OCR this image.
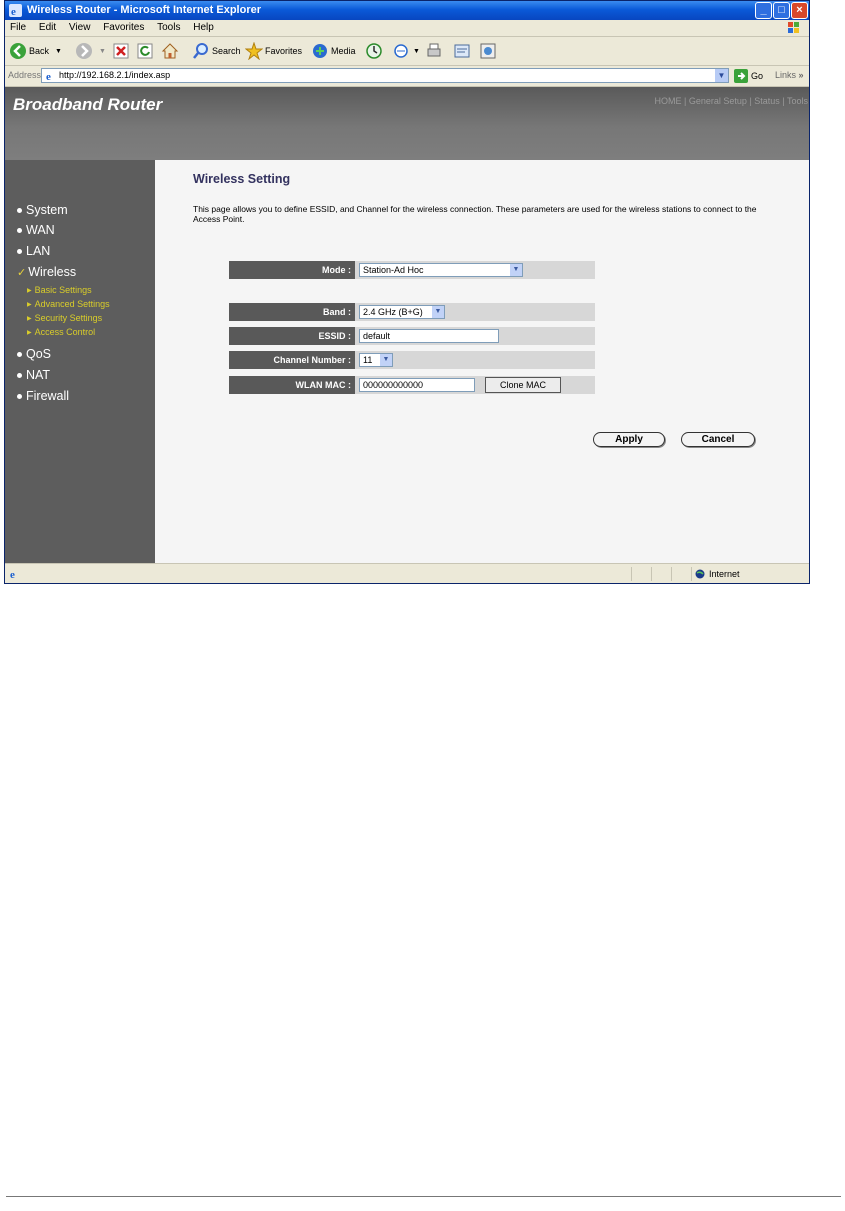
e Wireless Router - Microsoft Internet Explorer	_	□	×
File Edit View Favorites Tools Help
Back ▼	▼	Search	Favorites	Media	▼
Address e http://192.168.2.1/index.asp	▼	Go Links »
Broadband Router	HOME | General Setup | Status | Tools
System
WAN
LAN
✓ Wireless
▶ Basic Settings
▶ Advanced Settings
▶ Security Settings
▶ Access Control
QoS
NAT
Firewall
Wireless Setting
This page allows you to define ESSID, and Channel for the wireless connection. These parameters are used for the wireless stations to connect to the Access Point.
Mode :	Station-Ad Hoc	▼
Band :	2.4 GHz (B+G)	▼
ESSID :	default
Channel Number :	11	▼
WLAN MAC :	000000000000	Clone MAC
Apply	Cancel
e	Internet
